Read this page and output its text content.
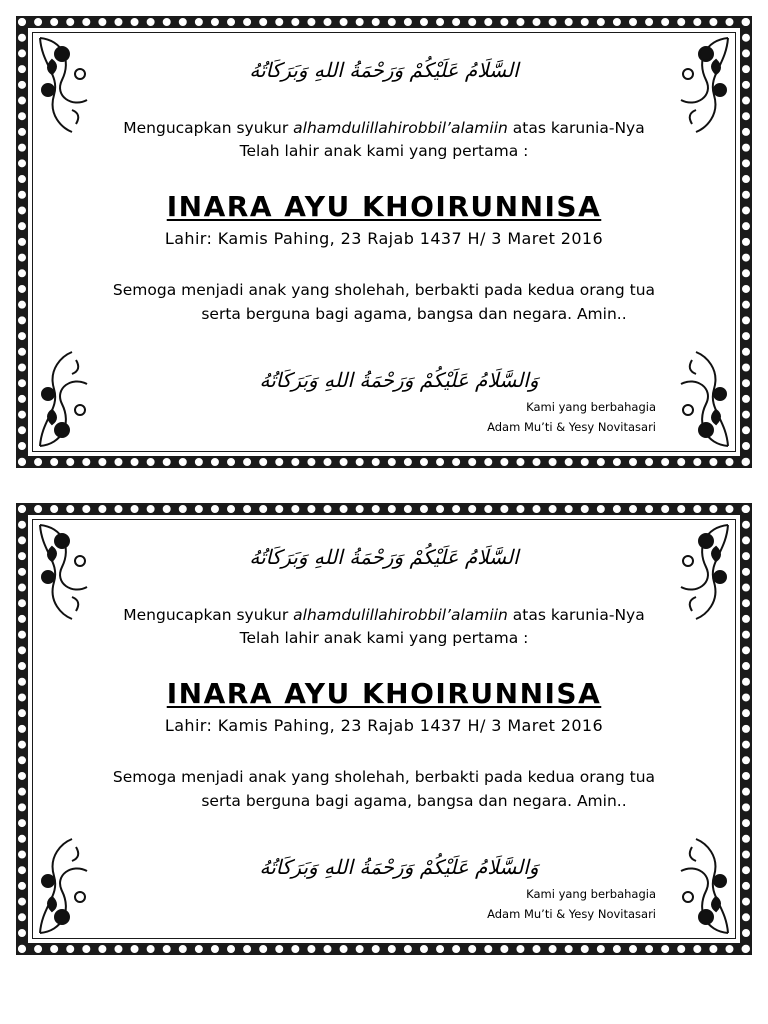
السَّلَامُ عَلَيْكُمْ وَرَحْمَةُ اللهِ وَبَرَكَاتُهُ
Mengucapkan syukur alhamdulillahirobbil’alamiin atas karunia-Nya
Telah lahir anak kami yang pertama :
INARA AYU KHOIRUNNISA
Lahir: Kamis Pahing, 23 Rajab 1437 H/ 3 Maret 2016
Semoga menjadi anak yang sholehah, berbakti pada kedua orang tua
serta berguna bagi agama, bangsa dan negara. Amin..
وَالسَّلَامُ عَلَيْكُمْ وَرَحْمَةُ اللهِ وَبَرَكَاتُهُ
Kami yang berbahagia
Adam Mu’ti & Yesy Novitasari
السَّلَامُ عَلَيْكُمْ وَرَحْمَةُ اللهِ وَبَرَكَاتُهُ
Mengucapkan syukur alhamdulillahirobbil’alamiin atas karunia-Nya
Telah lahir anak kami yang pertama :
INARA AYU KHOIRUNNISA
Lahir: Kamis Pahing, 23 Rajab 1437 H/ 3 Maret 2016
Semoga menjadi anak yang sholehah, berbakti pada kedua orang tua
serta berguna bagi agama, bangsa dan negara. Amin..
وَالسَّلَامُ عَلَيْكُمْ وَرَحْمَةُ اللهِ وَبَرَكَاتُهُ
Kami yang berbahagia
Adam Mu’ti & Yesy Novitasari
